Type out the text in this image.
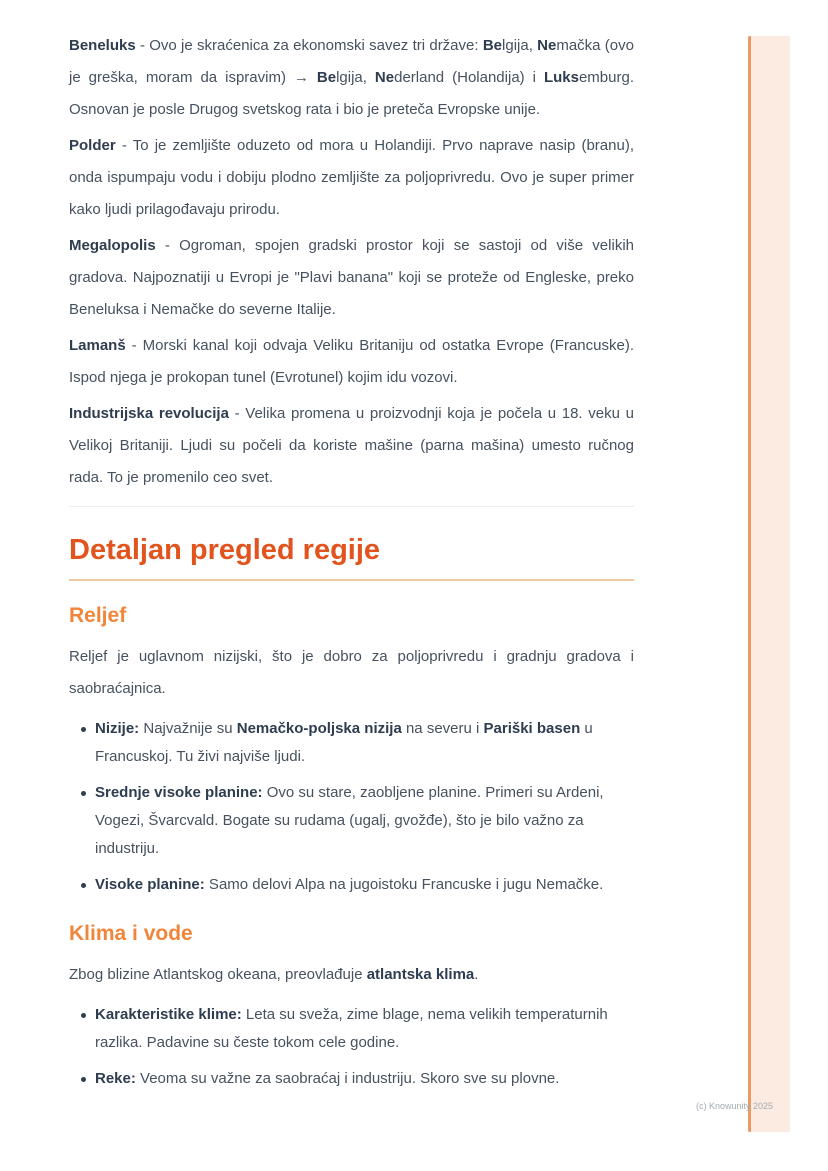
Beneluks - Ovo je skraćenica za ekonomski savez tri države: Belgija, Nemačka (ovo je greška, moram da ispravim) → Belgija, Nederland (Holandija) i Luksemburg. Osnovan je posle Drugog svetskog rata i bio je preteča Evropske unije.

Polder - To je zemljište oduzeto od mora u Holandiji. Prvo naprave nasip (branu), onda ispumpaju vodu i dobiju plodno zemljište za poljoprivredu. Ovo je super primer kako ljudi prilagođavaju prirodu.

Megalopolis - Ogroman, spojen gradski prostor koji se sastoji od više velikih gradova. Najpoznatiji u Evropi je "Plavi banana" koji se proteže od Engleske, preko Beneluksa i Nemačke do severne Italije.

Lamanš - Morski kanal koji odvaja Veliku Britaniju od ostatka Evrope (Francuske). Ispod njega je prokopan tunel (Evrotunel) kojim idu vozovi.

Industrijska revolucija - Velika promena u proizvodnji koja je počela u 18. veku u Velikoj Britaniji. Ljudi su počeli da koriste mašine (parna mašina) umesto ručnog rada. To je promenilo ceo svet.

Detaljan pregled regije
Reljef

Reljef je uglavnom nizijski, što je dobro za poljoprivredu i gradnju gradova i saobraćajnica.

Nizije: Najvažnije su Nemačko-poljska nizija na severu i Pariški basen u Francuskoj. Tu živi najviše ljudi.
Srednje visoke planine: Ovo su stare, zaobljene planine. Primeri su Ardeni, Vogezi, Švarcvald. Bogate su rudama (ugalj, gvožđe), što je bilo važno za industriju.
Visoke planine: Samo delovi Alpa na jugoistoku Francuske i jugu Nemačke.
Klima i vode

Zbog blizine Atlantskog okeana, preovlađuje atlantska klima.

Karakteristike klime: Leta su sveža, zime blage, nema velikih temperaturnih razlika. Padavine su česte tokom cele godine.
Reke: Veoma su važne za saobraćaj i industriju. Skoro sve su plovne.
(c) Knowunity 2025
